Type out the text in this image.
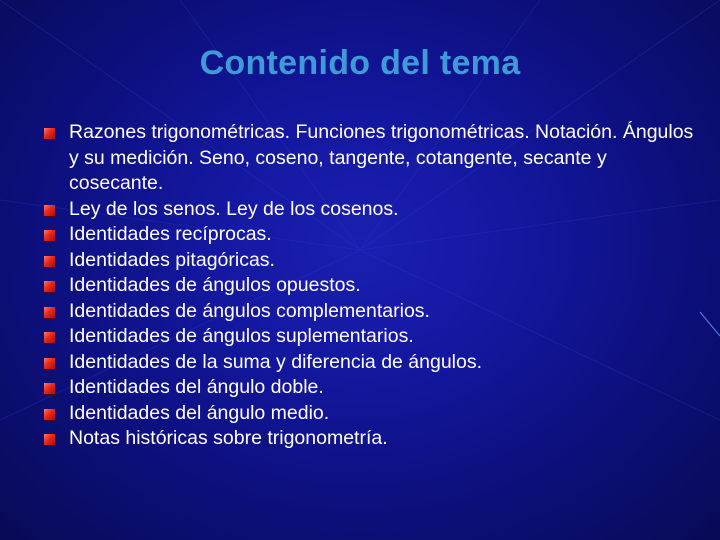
Contenido del tema
Razones trigonométricas. Funciones trigonométricas. Notación. Ángulos y su medición. Seno, coseno, tangente, cotangente, secante y cosecante.
Ley de los senos. Ley de los cosenos.
Identidades recíprocas.
Identidades pitagóricas.
Identidades de ángulos opuestos.
Identidades de ángulos complementarios.
Identidades de ángulos suplementarios.
Identidades de la suma y diferencia de ángulos.
Identidades del ángulo doble.
Identidades del ángulo medio.
Notas históricas sobre trigonometría.
